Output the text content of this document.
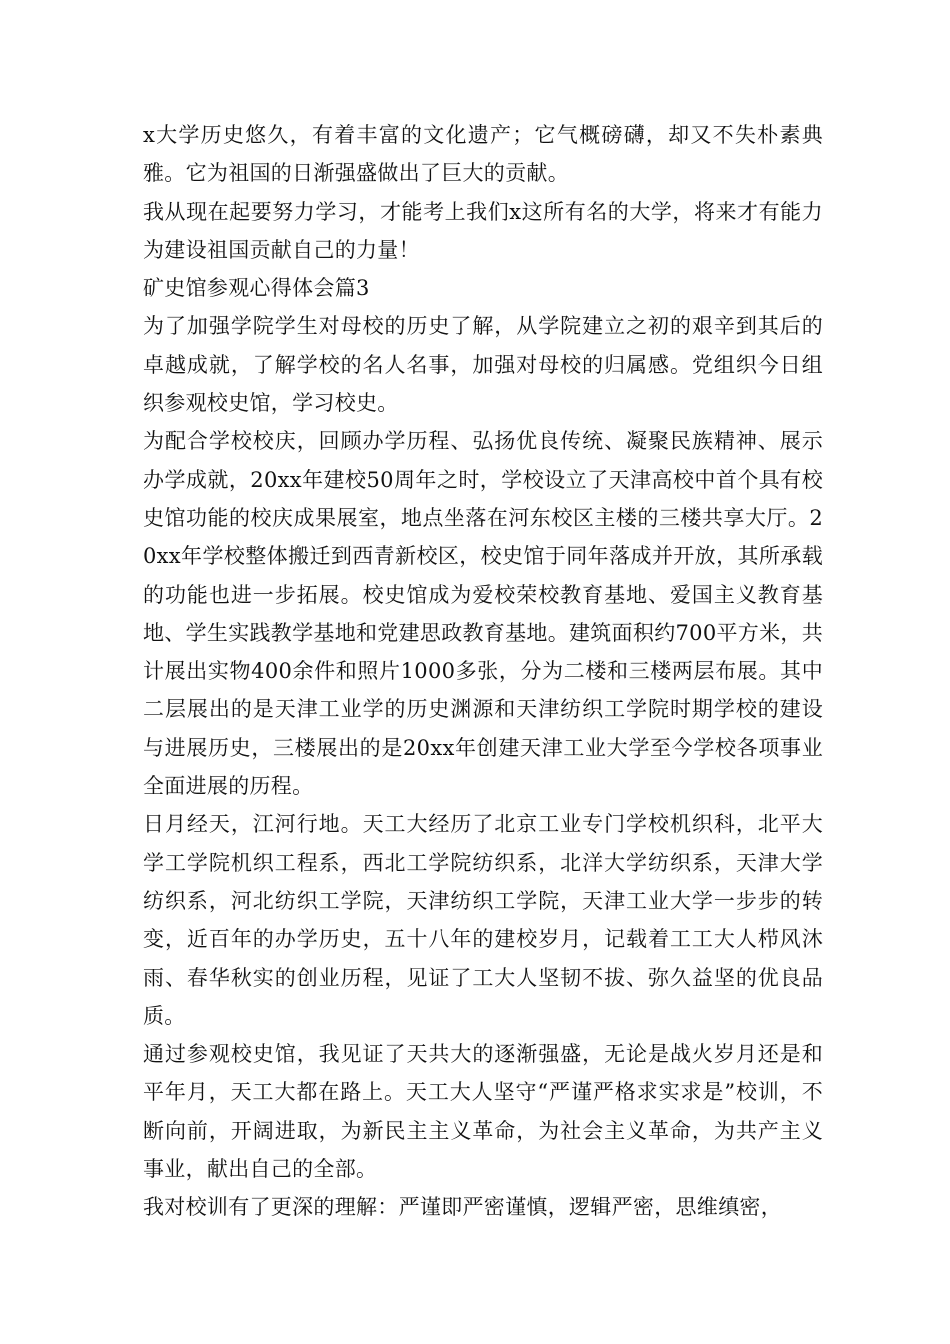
x大学历史悠久，有着丰富的文化遗产；它气概磅礴，却又不失朴素典雅。它为祖国的日渐强盛做出了巨大的贡献。

我从现在起要努力学习，才能考上我们x这所有名的大学，将来才有能力为建设祖国贡献自己的力量！

矿史馆参观心得体会篇3

为了加强学院学生对母校的历史了解，从学院建立之初的艰辛到其后的卓越成就，了解学校的名人名事，加强对母校的归属感。党组织今日组织参观校史馆，学习校史。

为配合学校校庆，回顾办学历程、弘扬优良传统、凝聚民族精神、展示办学成就，20xx年建校50周年之时，学校设立了天津高校中首个具有校史馆功能的校庆成果展室，地点坐落在河东校区主楼的三楼共享大厅。20xx年学校整体搬迁到西青新校区，校史馆于同年落成并开放，其所承载的功能也进一步拓展。校史馆成为爱校荣校教育基地、爱国主义教育基地、学生实践教学基地和党建思政教育基地。建筑面积约700平方米，共计展出实物400余件和照片1000多张，分为二楼和三楼两层布展。其中二层展出的是天津工业学的历史渊源和天津纺织工学院时期学校的建设与进展历史，三楼展出的是20xx年创建天津工业大学至今学校各项事业全面进展的历程。

日月经天，江河行地。天工大经历了北京工业专门学校机织科，北平大学工学院机织工程系，西北工学院纺织系，北洋大学纺织系，天津大学纺织系，河北纺织工学院，天津纺织工学院，天津工业大学一步步的转变，近百年的办学历史，五十八年的建校岁月，记载着工工大人栉风沐雨、春华秋实的创业历程，见证了工大人坚韧不拔、弥久益坚的优良品质。

通过参观校史馆，我见证了天共大的逐渐强盛，无论是战火岁月还是和平年月，天工大都在路上。天工大人坚守“严谨严格求实求是”校训，不断向前，开阔进取，为新民主主义革命，为社会主义革命，为共产主义事业，献出自己的全部。

我对校训有了更深的理解：严谨即严密谨慎，逻辑严密，思维缜密，
